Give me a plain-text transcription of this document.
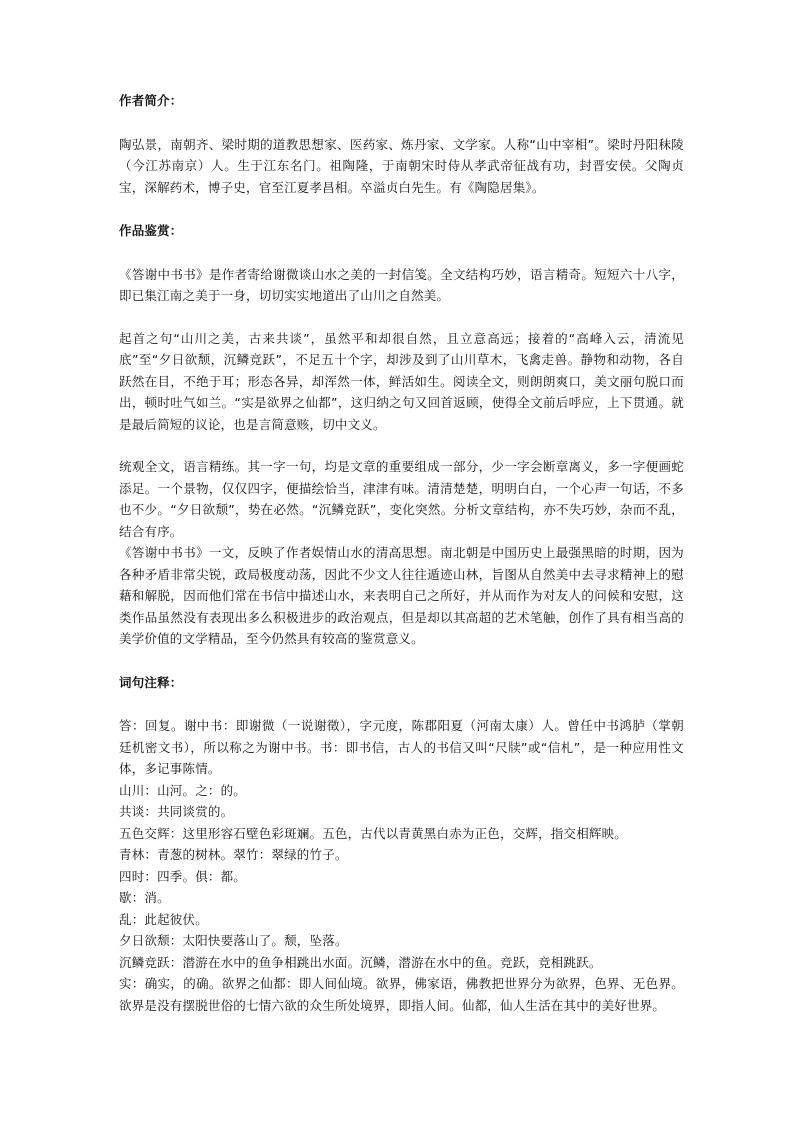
作者简介：

陶弘景，南朝齐、梁时期的道教思想家、医药家、炼丹家、文学家。人称“山中宰相”。梁时丹阳秣陵（今江苏南京）人。生于江东名门。祖陶隆，于南朝宋时侍从孝武帝征战有功，封晋安侯。父陶贞宝，深解药术，博子史，官至江夏孝昌相。卒溢贞白先生。有《陶隐居集》。

作品鉴赏：

《答谢中书书》是作者寄给谢微谈山水之美的一封信笺。全文结构巧妙，语言精奇。短短六十八字，即已集江南之美于一身，切切实实地道出了山川之自然美。

起首之句“山川之美，古来共谈”，虽然平和却很自然，且立意高远；接着的“高峰入云，清流见底”至“夕日欲颓，沉鳞竞跃”，不足五十个字，却涉及到了山川草木，飞禽走兽。静物和动物，各自跃然在目，不绝于耳；形态各异，却浑然一体，鲜活如生。阅读全文，则朗朗爽口，美文丽句脱口而出，顿时吐气如兰。“实是欲界之仙都”，这归纳之句又回首返顾，使得全文前后呼应，上下贯通。就是最后简短的议论，也是言简意赅，切中文义。

统观全文，语言精练。其一字一句，均是文章的重要组成一部分，少一字会断章离义，多一字便画蛇添足。一个景物，仅仅四字，便描绘恰当，津津有味。清清楚楚，明明白白，一个心声一句话，不多也不少。“夕日欲颓”，势在必然。“沉鳞竞跃”，变化突然。分析文章结构，亦不失巧妙，杂而不乱，结合有序。

《答谢中书书》一文，反映了作者娱情山水的清高思想。南北朝是中国历史上最强黑暗的时期，因为各种矛盾非常尖锐，政局极度动荡，因此不少文人往往遁迹山林，旨图从自然美中去寻求精神上的慰藉和解脱，因而他们常在书信中描述山水，来表明自己之所好，并从而作为对友人的问候和安慰，这类作品虽然没有表现出多么积极进步的政治观点，但是却以其高超的艺术笔触，创作了具有相当高的美学价值的文学精品，至今仍然具有较高的鉴赏意义。

词句注释：

答：回复。谢中书：即谢微（一说谢徵），字元度，陈郡阳夏（河南太康）人。曾任中书鸿胪（掌朝廷机密文书），所以称之为谢中书。书：即书信，古人的书信又叫“尺牍”或“信札”，是一种应用性文体，多记事陈情。

山川：山河。之：的。

共谈：共同谈赏的。

五色交辉：这里形容石壁色彩斑斓。五色，古代以青黄黑白赤为正色，交辉，指交相辉映。

青林：青葱的树林。翠竹：翠绿的竹子。

四时：四季。俱：都。

歇：消。

乱：此起彼伏。

夕日欲颓：太阳快要落山了。颓，坠落。

沉鳞竞跃：潜游在水中的鱼争相跳出水面。沉鳞，潜游在水中的鱼。竞跃，竞相跳跃。

实：确实，的确。欲界之仙都：即人间仙境。欲界，佛家语，佛教把世界分为欲界，色界、无色界。欲界是没有摆脱世俗的七情六欲的众生所处境界，即指人间。仙都，仙人生活在其中的美好世界。
